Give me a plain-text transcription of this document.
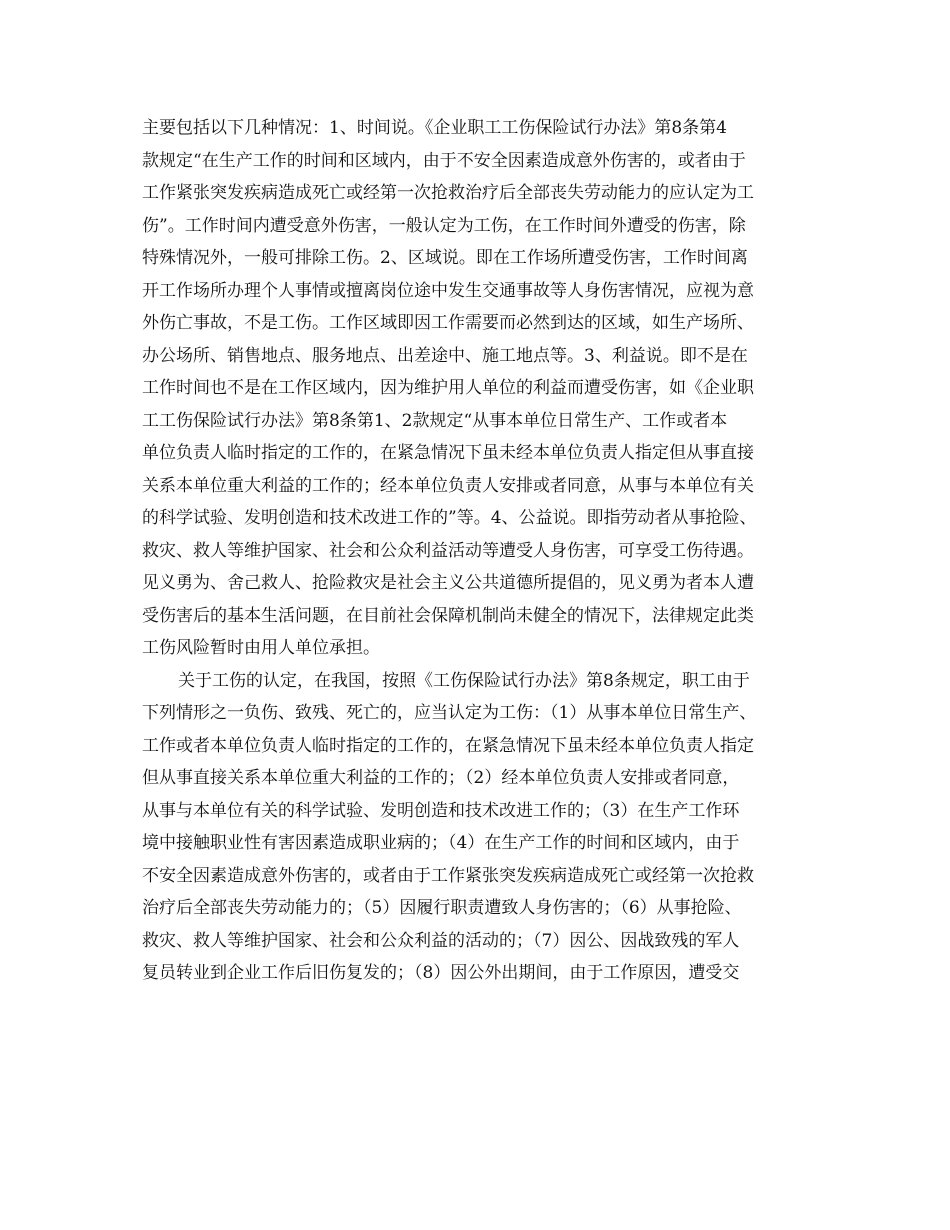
主要包括以下几种情况：1、时间说。《企业职工工伤保险试行办法》第8条第4
款规定“在生产工作的时间和区域内，由于不安全因素造成意外伤害的，或者由于
工作紧张突发疾病造成死亡或经第一次抢救治疗后全部丧失劳动能力的应认定为工
伤”。工作时间内遭受意外伤害，一般认定为工伤，在工作时间外遭受的伤害，除
特殊情况外，一般可排除工伤。2、区域说。即在工作场所遭受伤害，工作时间离
开工作场所办理个人事情或擅离岗位途中发生交通事故等人身伤害情况，应视为意
外伤亡事故，不是工伤。工作区域即因工作需要而必然到达的区域，如生产场所、
办公场所、销售地点、服务地点、出差途中、施工地点等。3、利益说。即不是在
工作时间也不是在工作区域内，因为维护用人单位的利益而遭受伤害，如《企业职
工工伤保险试行办法》第8条第1、2款规定“从事本单位日常生产、工作或者本
单位负责人临时指定的工作的，在紧急情况下虽未经本单位负责人指定但从事直接
关系本单位重大利益的工作的；经本单位负责人安排或者同意，从事与本单位有关
的科学试验、发明创造和技术改进工作的”等。4、公益说。即指劳动者从事抢险、
救灾、救人等维护国家、社会和公众利益活动等遭受人身伤害，可享受工伤待遇。
见义勇为、舍己救人、抢险救灾是社会主义公共道德所提倡的，见义勇为者本人遭
受伤害后的基本生活问题，在目前社会保障机制尚未健全的情况下，法律规定此类
工伤风险暂时由用人单位承担。
关于工伤的认定，在我国，按照《工伤保险试行办法》第8条规定，职工由于
下列情形之一负伤、致残、死亡的，应当认定为工伤：（1）从事本单位日常生产、
工作或者本单位负责人临时指定的工作的，在紧急情况下虽未经本单位负责人指定
但从事直接关系本单位重大利益的工作的；（2）经本单位负责人安排或者同意，
从事与本单位有关的科学试验、发明创造和技术改进工作的；（3）在生产工作环
境中接触职业性有害因素造成职业病的；（4）在生产工作的时间和区域内，由于
不安全因素造成意外伤害的，或者由于工作紧张突发疾病造成死亡或经第一次抢救
治疗后全部丧失劳动能力的；（5）因履行职责遭致人身伤害的；（6）从事抢险、
救灾、救人等维护国家、社会和公众利益的活动的；（7）因公、因战致残的军人
复员转业到企业工作后旧伤复发的；（8）因公外出期间，由于工作原因，遭受交
